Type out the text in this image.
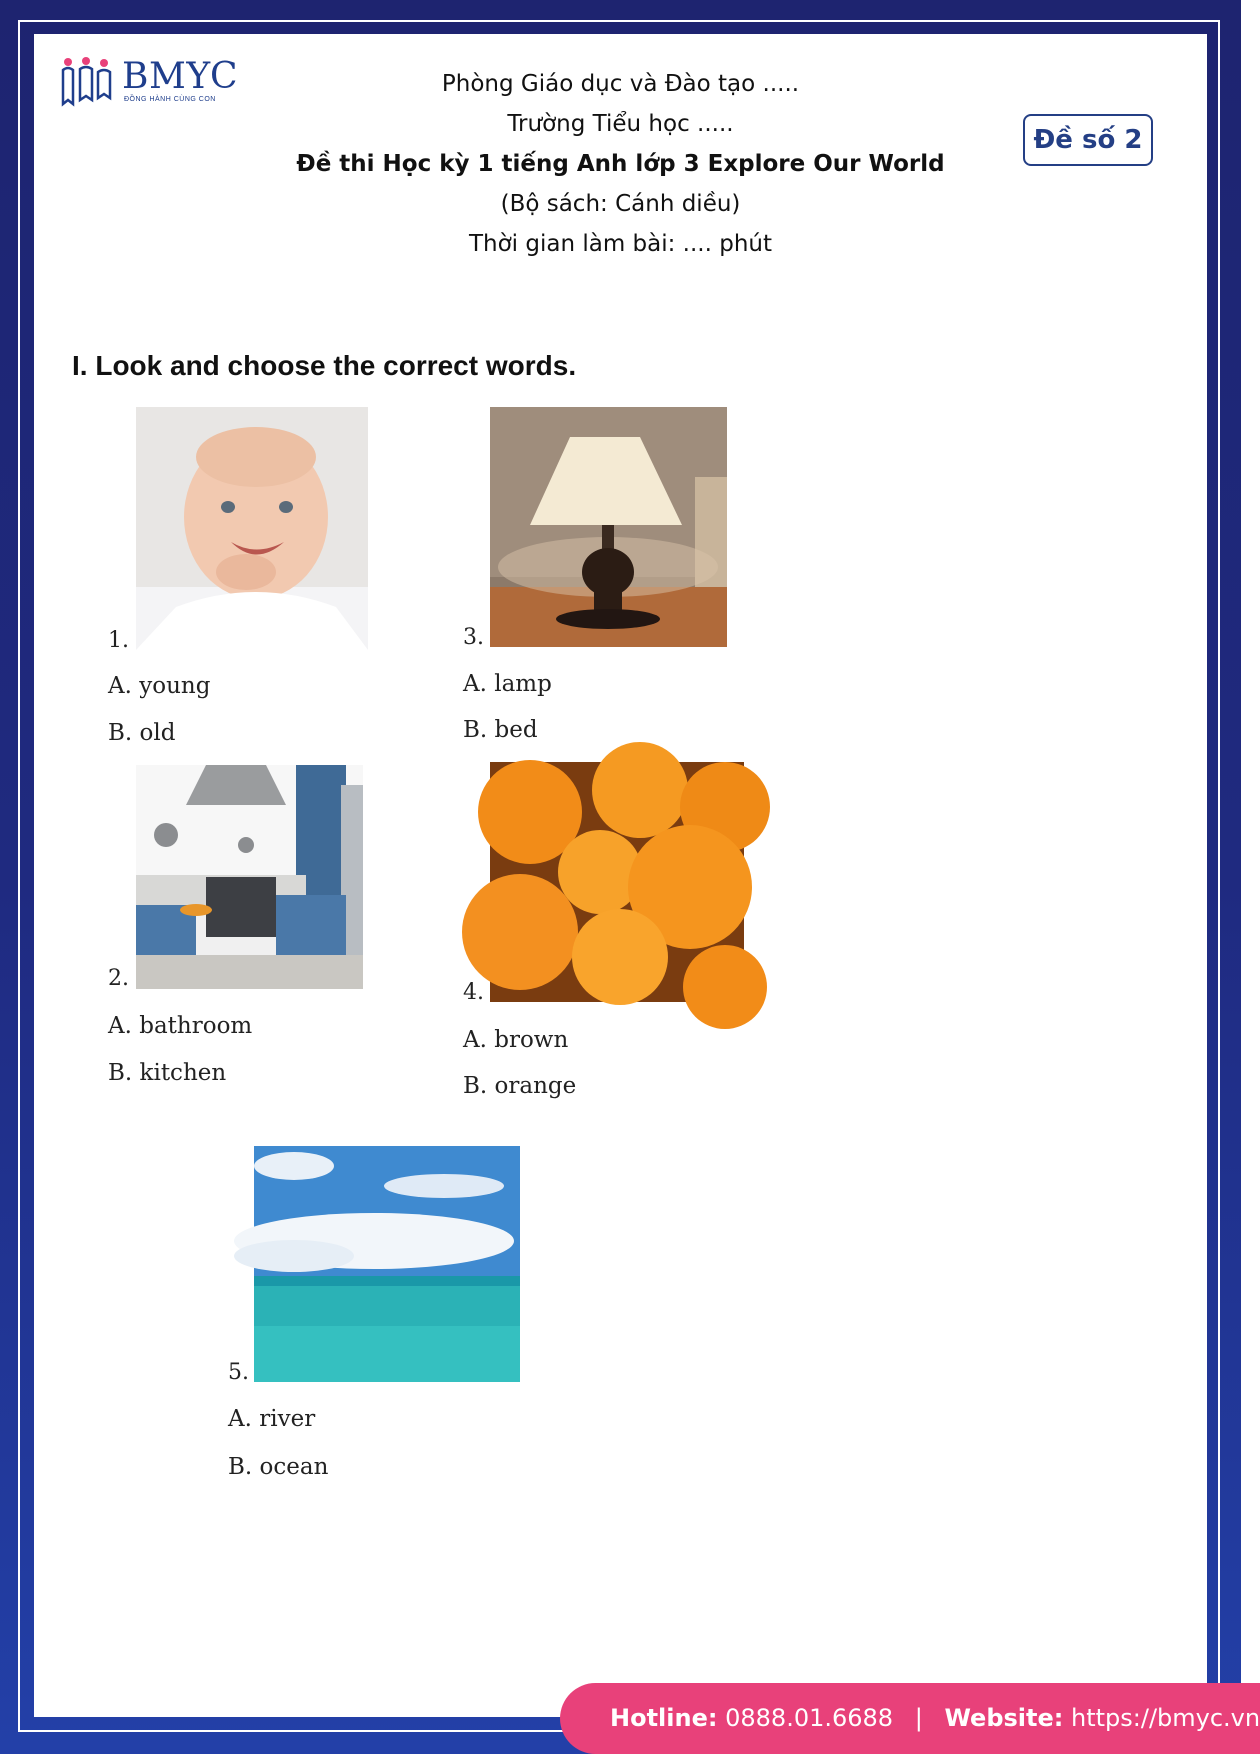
BMYC
ĐỒNG HÀNH CÙNG CON
Phòng Giáo dục và Đào tạo .....
Trường Tiểu học .....
Đề thi Học kỳ 1 tiếng Anh lớp 3 Explore Our World
(Bộ sách: Cánh diều)
Thời gian làm bài: .... phút
Đề số 2
I. Look and choose the correct words.
1.
A. young
B. old
2.
A. bathroom
B. kitchen
3.
A. lamp
B. bed
4.
A. brown
B. orange
5.
A. river
B. ocean
Hotline: 0888.01.6688 | Website: https://bmyc.vn
